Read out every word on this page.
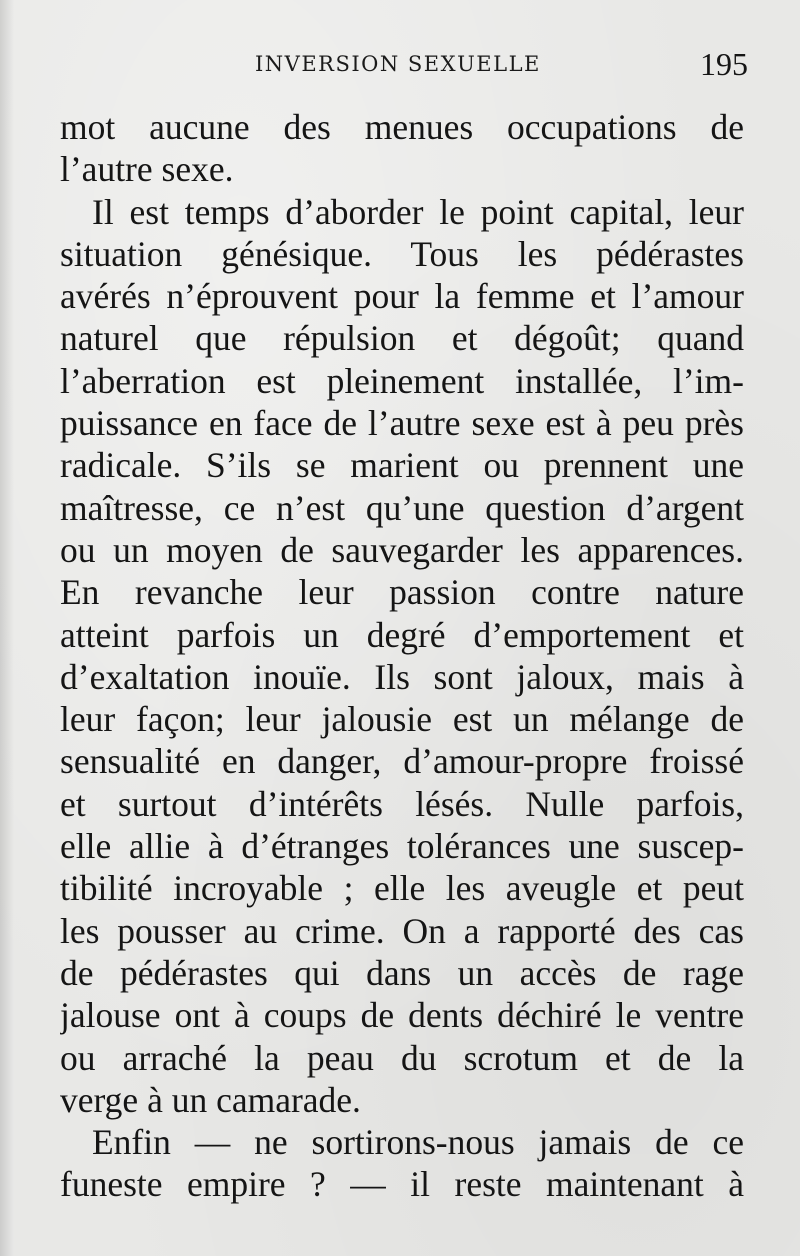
INVERSION SEXUELLE	195
mot aucune des menues occupations de
l’autre sexe.
Il est temps d’aborder le point capital, leur
situation génésique. Tous les pédérastes
avérés n’éprouvent pour la femme et l’amour
naturel que répulsion et dégoût; quand
l’aberration est pleinement installée, l’im-
puissance en face de l’autre sexe est à peu près
radicale. S’ils se marient ou prennent une
maîtresse, ce n’est qu’une question d’argent
ou un moyen de sauvegarder les apparences.
En revanche leur passion contre nature
atteint parfois un degré d’emportement et
d’exaltation inouïe. Ils sont jaloux, mais à
leur façon; leur jalousie est un mélange de
sensualité en danger, d’amour-propre froissé
et surtout d’intérêts lésés. Nulle parfois,
elle allie à d’étranges tolérances une suscep-
tibilité incroyable ; elle les aveugle et peut
les pousser au crime. On a rapporté des cas
de pédérastes qui dans un accès de rage
jalouse ont à coups de dents déchiré le ventre
ou arraché la peau du scrotum et de la
verge à un camarade.
Enfin — ne sortirons-nous jamais de ce
funeste empire ? — il reste maintenant à
